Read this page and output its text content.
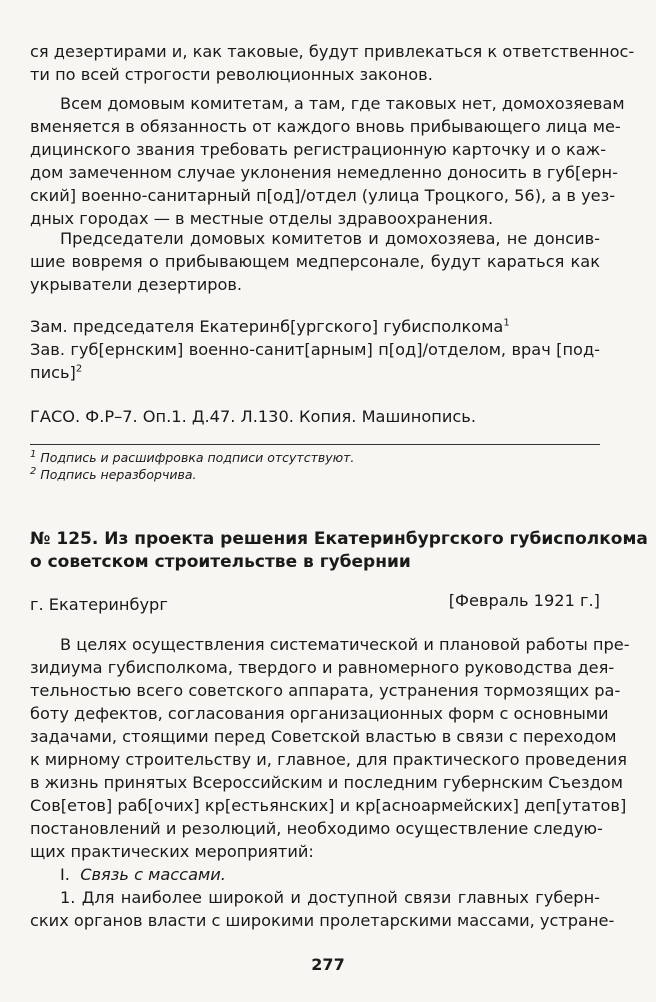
ся дезертирами и, как таковые, будут привлекаться к ответственнос-
ти по всей строгости революционных законов.
Всем домовым комитетам, а там, где таковых нет, домохозяевам
вменяется в обязанность от каждого вновь прибывающего лица ме-
дицинского звания требовать регистрационную карточку и о каж-
дом замеченном случае уклонения немедленно доносить в губ[ерн-
ский] военно-санитарный п[од]/отдел (улица Троцкого, 56), а в уез-
дных городах — в местные отделы здравоохранения.
Председатели домовых комитетов и домохозяева, не донсив-
шие вовремя о прибывающем медперсонале, будут караться как
укрыватели дезертиров.
Зам. председателя Екатеринб[ургского] губисполкома$^1$
Зав. губ[ернским] военно-санит[арным] п[од]/отделом, врач [под-
пись]$^2$
ГАСО. Ф.Р–7. Оп.1. Д.47. Л.130. Копия. Машинопись.
$^1$ Подпись и расшифровка подписи отсутствуют.
$^2$ Подпись неразборчива.
№ 125. Из проекта решения Екатеринбургского губисполкома
о советском строительстве в губернии
г. Екатеринбург	[Февраль 1921 г.]
В целях осуществления систематической и плановой работы пре-
зидиума губисполкома, твердого и равномерного руководства дея-
тельностью всего советского аппарата, устранения тормозящих ра-
боту дефектов, согласования организационных форм с основными
задачами, стоящими перед Советской властью в связи с переходом
к мирному строительству и, главное, для практического проведения
в жизнь принятых Всероссийским и последним губернским Съездом
Сов[етов] раб[очих] кр[естьянских] и кр[асноармейских] деп[утатов]
постановлений и резолюций, необходимо осуществление следую-
щих практических мероприятий:
I. Связь с массами.
1. Для наиболее широкой и доступной связи главных губерн-
ских органов власти с широкими пролетарскими массами, устране-
277
